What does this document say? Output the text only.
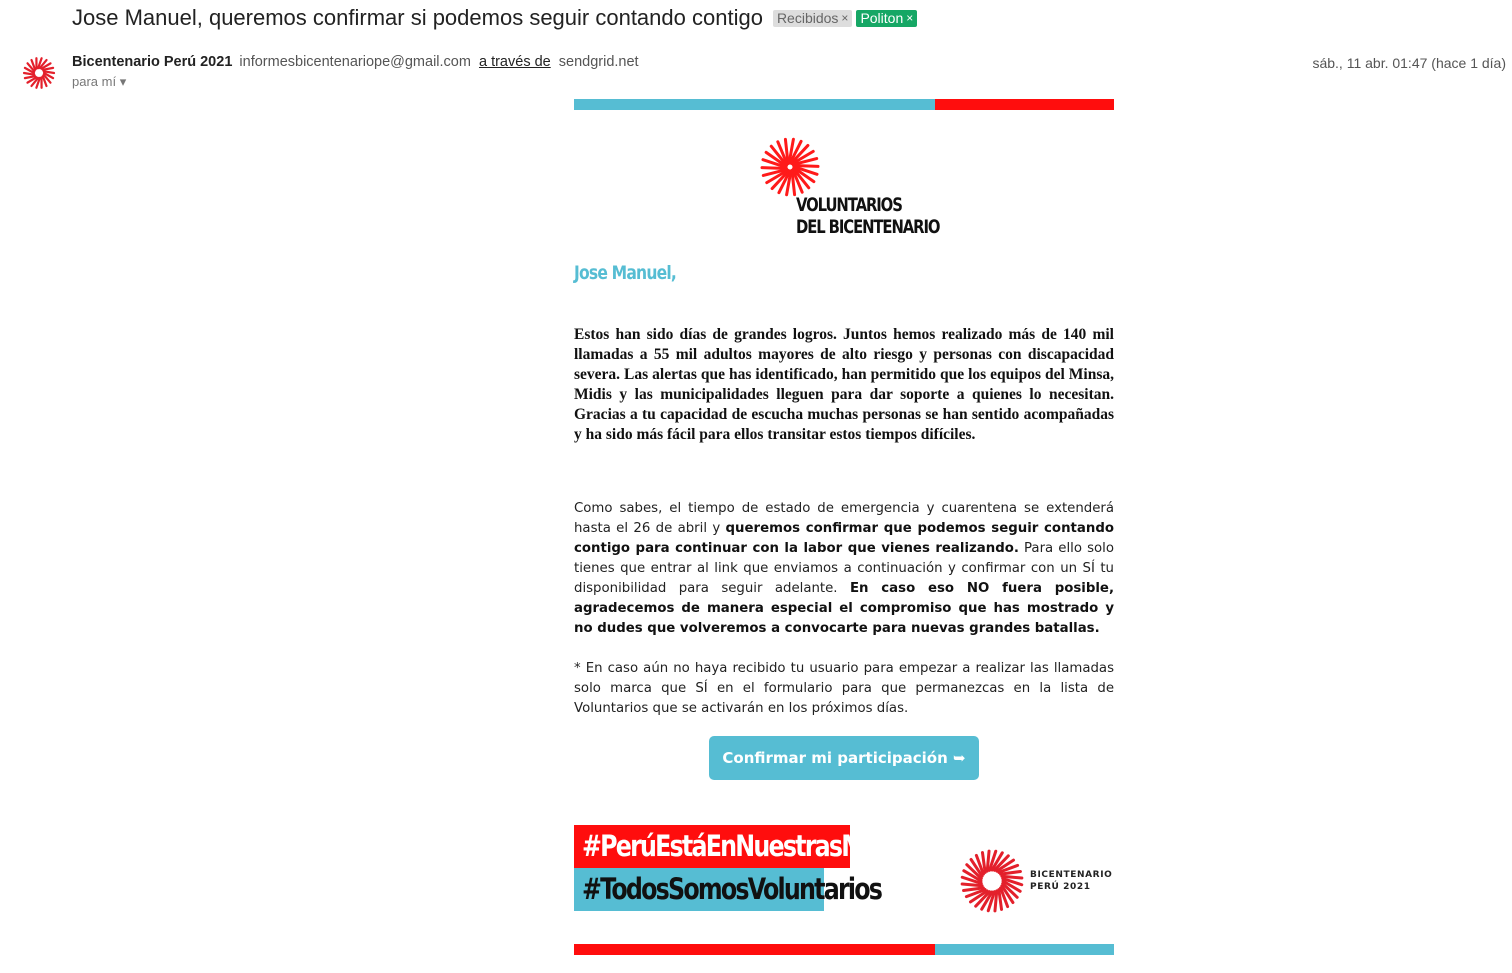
Jose Manuel, queremos confirmar si podemos seguir contando contigo Recibidos × Politon ×
Bicentenario Perú 2021 informesbicentenariope@gmail.com a través de sendgrid.net
para mí ▾
sáb., 11 abr. 01:47 (hace 1 día)
VOLUNTARIOS
DEL BICENTENARIO
Jose Manuel,
Estos han sido días de grandes logros. Juntos hemos realizado más de 140 mil llamadas a 55 mil adultos mayores de alto riesgo y personas con discapacidad severa. Las alertas que has identificado, han permitido que los equipos del Minsa, Midis y las municipalidades lleguen para dar soporte a quienes lo necesitan. Gracias a tu capacidad de escucha muchas personas se han sentido acompañadas y ha sido más fácil para ellos transitar estos tiempos difíciles.
Como sabes, el tiempo de estado de emergencia y cuarentena se extenderá hasta el 26 de abril y queremos confirmar que podemos seguir contando contigo para continuar con la labor que vienes realizando. Para ello solo tienes que entrar al link que enviamos a continuación y confirmar con un SÍ tu disponibilidad para seguir adelante. En caso eso NO fuera posible, agradecemos de manera especial el compromiso que has mostrado y no dudes que volveremos a convocarte para nuevas grandes batallas.
* En caso aún no haya recibido tu usuario para empezar a realizar las llamadas solo marca que SÍ en el formulario para que permanezcas en la lista de Voluntarios que se activarán en los próximos días.
Confirmar mi participación ➥
#PerúEstáEnNuestrasManos
#TodosSomosVoluntarios	BICENTENARIO
PERÚ 2021
